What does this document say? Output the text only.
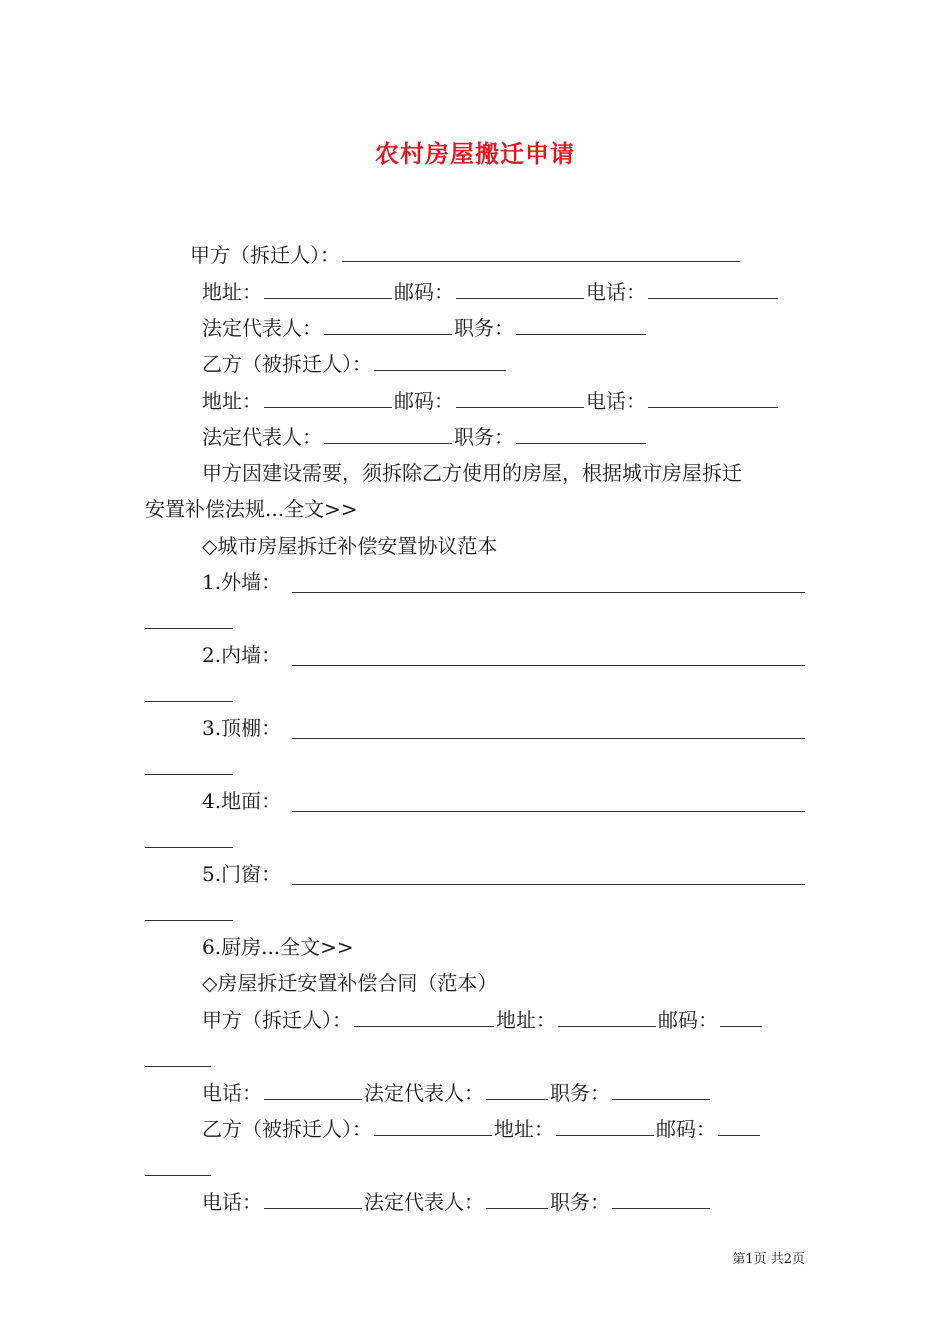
农村房屋搬迁申请
甲方（拆迁人）：
地址：	邮码：	电话：
法定代表人：	职务：
乙方（被拆迁人）：
地址：	邮码：	电话：
法定代表人：	职务：
甲方因建设需要，须拆除乙方使用的房屋，根据城市房屋拆迁
安置补偿法规...全文>>
◇城市房屋拆迁补偿安置协议范本
1.外墙：
2.内墙：
3.顶棚：
4.地面：
5.门窗：
6.厨房...全文>>
◇房屋拆迁安置补偿合同（范本）
甲方（拆迁人）：	地址：	邮码：
电话：	法定代表人：	职务：
乙方（被拆迁人）：	地址：	邮码：
电话：	法定代表人：	职务：
第1页 共2页
